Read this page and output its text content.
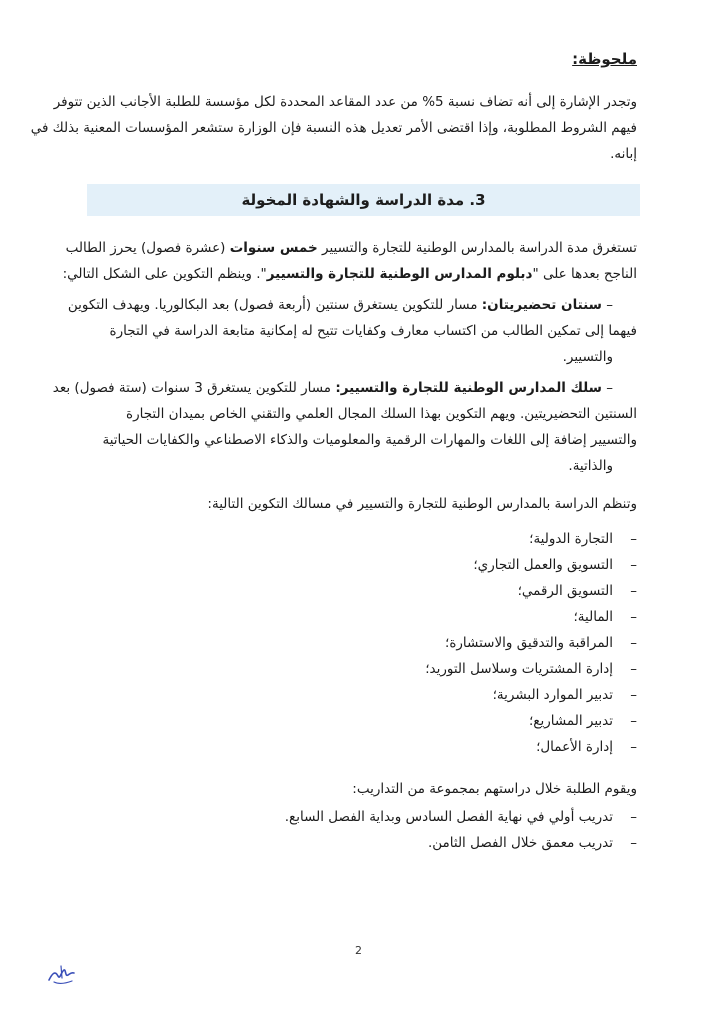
ملحوظة:
وتجدر الإشارة إلى أنه تضاف نسبة 5% من عدد المقاعد المحددة لكل مؤسسة للطلبة الأجانب الذين تتوفر
فيهم الشروط المطلوبة، وإذا اقتضى الأمر تعديل هذه النسبة فإن الوزارة ستشعر المؤسسات المعنية بذلك في
إبانه.
3. مدة الدراسة والشهادة المخولة
تستغرق مدة الدراسة بالمدارس الوطنية للتجارة والتسيير خمس سنوات (عشرة فصول) يحرز الطالب
الناجح بعدها على "دبلوم المدارس الوطنية للتجارة والتسيير". وينظم التكوين على الشكل التالي:
– سنتان تحضيريتان: مسار للتكوين يستغرق سنتين (أربعة فصول) بعد البكالوريا. ويهدف التكوين
فيهما إلى تمكين الطالب من اكتساب معارف وكفايات تتيح له إمكانية متابعة الدراسة في التجارة
والتسيير.
– سلك المدارس الوطنية للتجارة والتسيير: مسار للتكوين يستغرق 3 سنوات (ستة فصول) بعد
السنتين التحضيريتين. ويهم التكوين بهذا السلك المجال العلمي والتقني الخاص بميدان التجارة
والتسيير إضافة إلى اللغات والمهارات الرقمية والمعلوميات والذكاء الاصطناعي والكفايات الحياتية
والذاتية.
وتنظم الدراسة بالمدارس الوطنية للتجارة والتسيير في مسالك التكوين التالية:
–
التجارة الدولية؛
–
التسويق والعمل التجاري؛
–
التسويق الرقمي؛
–
المالية؛
–
المراقبة والتدقيق والاستشارة؛
–
إدارة المشتريات وسلاسل التوريد؛
–
تدبير الموارد البشرية؛
–
تدبير المشاريع؛
–
إدارة الأعمال؛
ويقوم الطلبة خلال دراستهم بمجموعة من التداريب:
–
تدريب أولي في نهاية الفصل السادس وبداية الفصل السابع.
–
تدريب معمق خلال الفصل الثامن.
2
